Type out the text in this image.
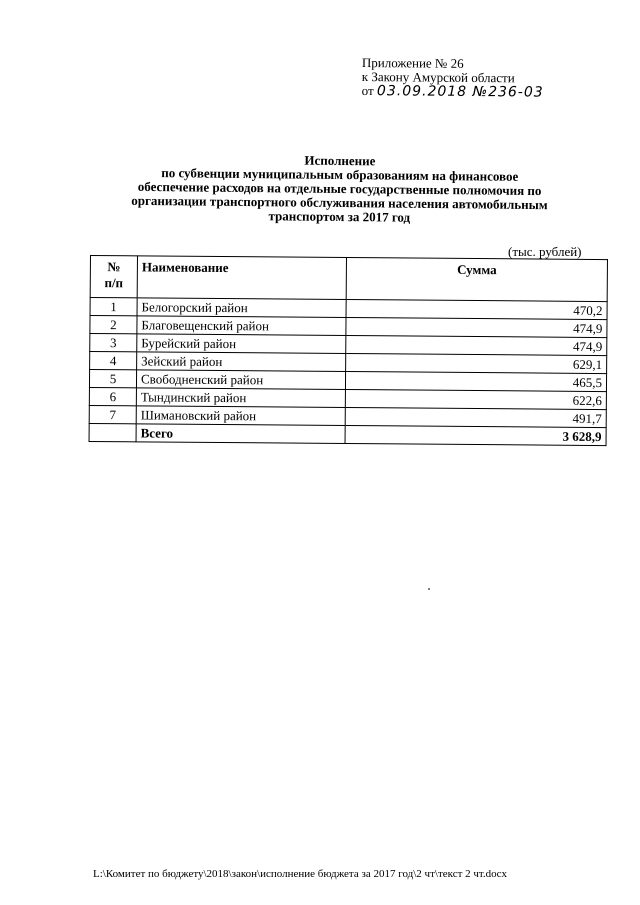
Приложение № 26
к Закону Амурской области
от 03.09.2018 №236-03
Исполнение
по субвенции муниципальным образованиям на финансовое
обеспечение расходов на отдельные государственные полномочия по
организации транспортного обслуживания населения автомобильным
транспортом за 2017 год
(тыс. рублей)
№
п/п	Наименование	Сумма
1	Белогорский район	470,2
2	Благовещенский район	474,9
3	Бурейский район	474,9
4	Зейский район	629,1
5	Свободненский район	465,5
6	Тындинский район	622,6
7	Шимановский район	491,7
	Всего	3 628,9
L:\Комитет по бюджету\2018\закон\исполнение бюджета за 2017 год\2 чт\текст 2 чт.docx
